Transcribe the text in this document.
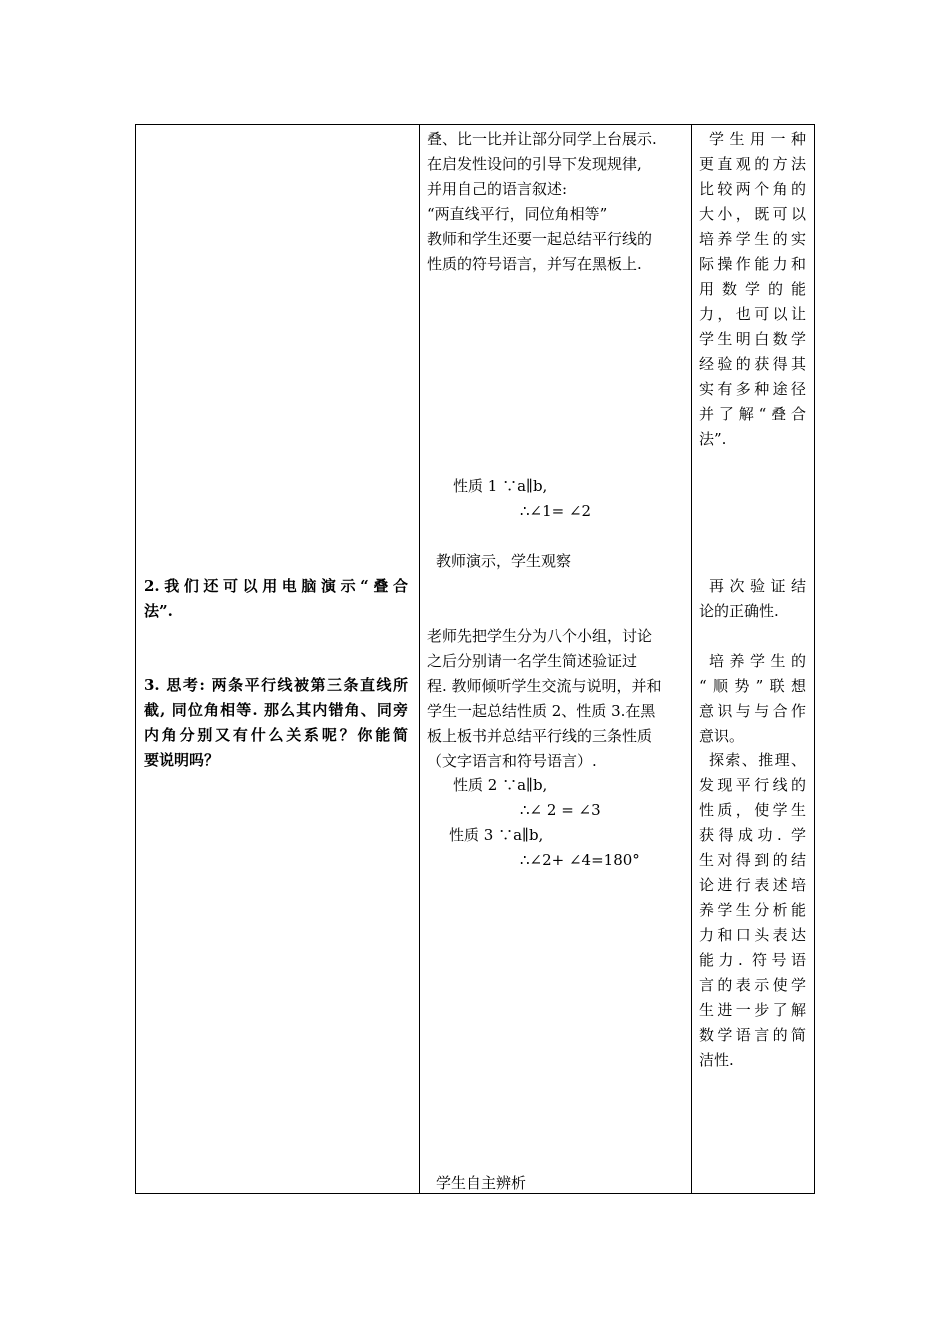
2.我们还可以用电脑演示“叠合
法”.
3. 思考: 两条平行线被第三条直线所
截, 同位角相等. 那么其内错角、同旁
内角分别又有什么关系呢？你能简
要说明吗？
叠、比一比并让部分同学上台展示.
在启发性设问的引导下发现规律,
并用自己的语言叙述:
“两直线平行，同位角相等”
教师和学生还要一起总结平行线的
性质的符号语言，并写在黑板上.
性质 1 ∵a∥b,
∴∠1= ∠2
教师演示，学生观察
老师先把学生分为八个小组，讨论
之后分别请一名学生简述验证过
程. 教师倾听学生交流与说明，并和
学生一起总结性质 2、性质 3.在黑
板上板书并总结平行线的三条性质
（文字语言和符号语言）.
性质 2 ∵a∥b,
∴∠ 2 = ∠3
性质 3 ∵a∥b,
∴∠2+ ∠4=180°
学生自主辨析
学生用一种
更直观的方法
比较两个角的
大小，既可以
培养学生的实
际操作能力和
用数学的能
力，也可以让
学生明白数学
经验的获得其
实有多种途径
并了解“叠合
法”.
再次验证结
论的正确性.
培养学生的
“顺势”联想
意识与与合作
意识。
探索、推理、
发现平行线的
性质，使学生
获得成功. 学
生对得到的结
论进行表述培
养学生分析能
力和口头表达
能力. 符号语
言的表示使学
生进一步了解
数学语言的简
洁性.
